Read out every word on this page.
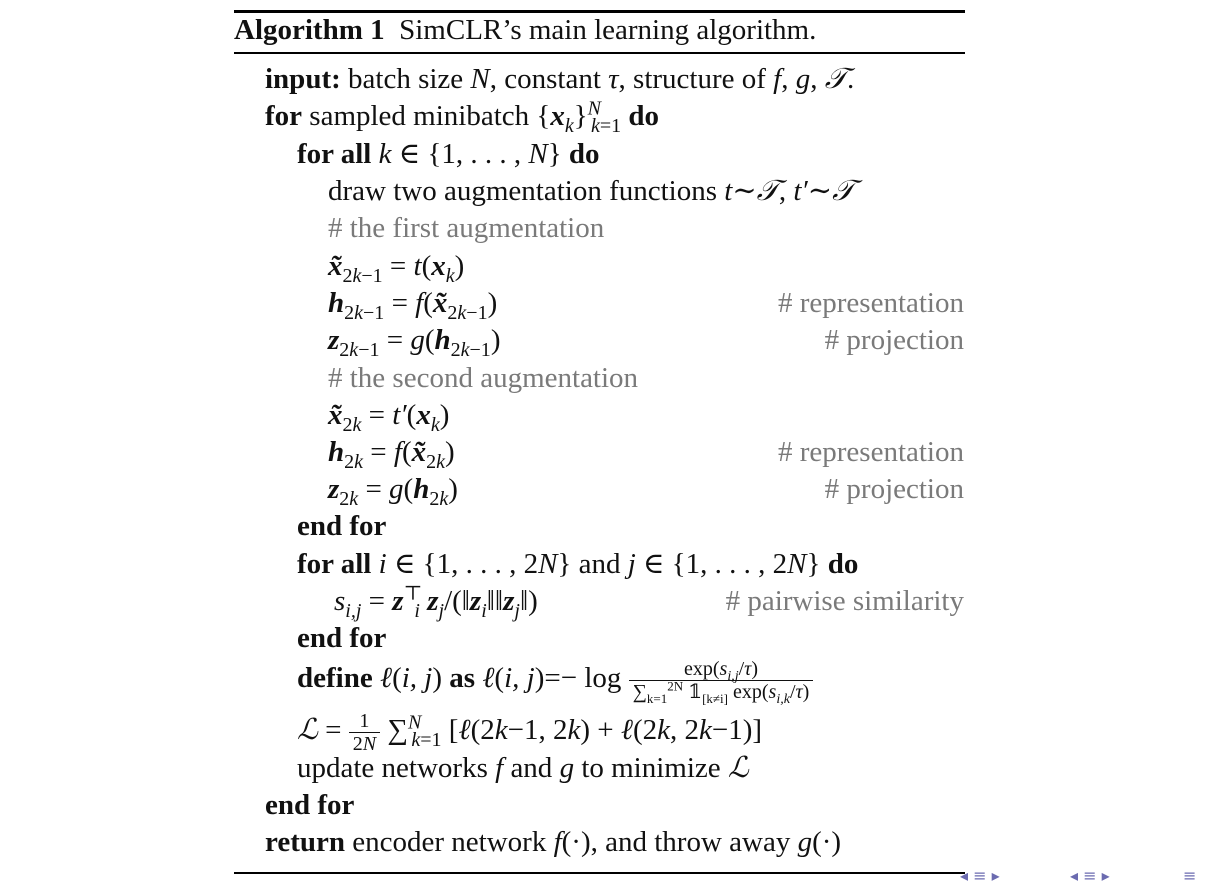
Algorithm 1 SimCLR’s main learning algorithm.
input: batch size N, constant τ, structure of f, g, 𝒯.
for sampled minibatch $\{x_k\}^N_{k=1}$ do
for all k ∈ {1, . . . , N} do
draw two augmentation functions t∼𝒯, t′∼𝒯
# the first augmentation
$x̃_{2k-1} = t(x_k)$
$h_{2k-1}$ = $f(x̃_{2k-1})$	# representation
$z_{2k-1} = g(h_{2k-1})$	# projection
# the second augmentation
$x̃_{2k} = t'(x_k)$
$h_{2k}$ = $f(x̃_{2k})$	# representation
$z_{2k} = g(h_{2k})$	# projection
end for
for all i ∈ {1, . . . , 2N} and j ∈ {1, . . . , 2N} do
$s_{i,j} = z^⊤_i$ $z_j/(‖z_i‖‖z_j‖)$	# pairwise similarity
end for
define ℓ(i, j) as ℓ(i, $j)=- \log \frac{\exp(s_{i,j}/\tau)}{\sum_{k=1}^{2N} 𝟙_{[k\ne i]} \exp(s_{i,k}/\tau)}$
ℒ = $\frac{1}{2N} \sum^N_{k=1}$ [ℓ(2k−1, 2k) + ℓ(2k, 2k−1)]
update networks f and g to minimize ℒ
end for
return encoder network f(·), and throw away g(·)
◂ ≡ ▸	◂ ≡ ▸	≡
